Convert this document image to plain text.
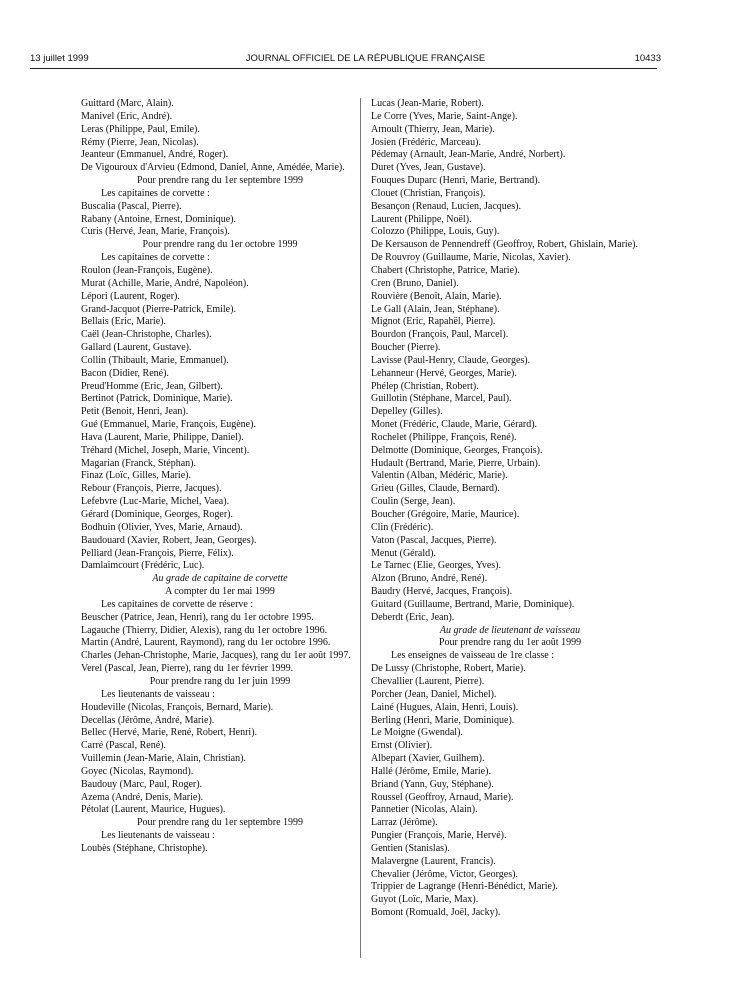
13 juillet 1999	JOURNAL OFFICIEL DE LA RÉPUBLIQUE FRANÇAISE	10433

Guittard (Marc, Alain).

Manivel (Eric, André).

Leras (Philippe, Paul, Emile).

Rémy (Pierre, Jean, Nicolas).

Jeanteur (Emmanuel, André, Roger).

De Vigouroux d'Arvieu (Edmond, Daniel, Anne, Amédée, Marie).

Pour prendre rang du 1er septembre 1999

Les capitaines de corvette :

Buscalia (Pascal, Pierre).

Rabany (Antoine, Ernest, Dominique).

Curis (Hervé, Jean, Marie, François).

Pour prendre rang du 1er octobre 1999

Les capitaines de corvette :

Roulon (Jean-François, Eugène).

Murat (Achille, Marie, André, Napoléon).

Lépori (Laurent, Roger).

Grand-Jacquot (Pierre-Patrick, Emile).

Bellais (Eric, Marie).

Caël (Jean-Christophe, Charles).

Gallard (Laurent, Gustave).

Collin (Thibault, Marie, Emmanuel).

Bacon (Didier, René).

Preud'Homme (Eric, Jean, Gilbert).

Bertinot (Patrick, Dominique, Marie).

Petit (Benoit, Henri, Jean).

Gué (Emmanuel, Marie, François, Eugène).

Hava (Laurent, Marie, Philippe, Daniel).

Tréhard (Michel, Joseph, Marie, Vincent).

Magarian (Franck, Stéphan).

Finaz (Loïc, Gilles, Marie).

Rebour (François, Pierre, Jacques).

Lefebvre (Luc-Marie, Michel, Vaea).

Gérard (Dominique, Georges, Roger).

Bodhuin (Olivier, Yves, Marie, Arnaud).

Baudouard (Xavier, Robert, Jean, Georges).

Pelliard (Jean-François, Pierre, Félix).

Damlaimcourt (Frédéric, Luc).

Au grade de capitaine de corvette

A compter du 1er mai 1999

Les capitaines de corvette de réserve :

Beuscher (Patrice, Jean, Henri), rang du 1er octobre 1995.

Lagauche (Thierry, Didier, Alexis), rang du 1er octobre 1996.

Martin (André, Laurent, Raymond), rang du 1er octobre 1996.

Charles (Jehan-Christophe, Marie, Jacques), rang du 1er août 1997.

Verel (Pascal, Jean, Pierre), rang du 1er février 1999.

Pour prendre rang du 1er juin 1999

Les lieutenants de vaisseau :

Houdeville (Nicolas, François, Bernard, Marie).

Decellas (Jérôme, André, Marie).

Bellec (Hervé, Marie, René, Robert, Henri).

Carré (Pascal, René).

Vuillemin (Jean-Marie, Alain, Christian).

Goyec (Nicolas, Raymond).

Baudouy (Marc, Paul, Roger).

Azema (André, Denis, Marie).

Pétolat (Laurent, Maurice, Hugues).

Pour prendre rang du 1er septembre 1999

Les lieutenants de vaisseau :

Loubès (Stéphane, Christophe).

Lucas (Jean-Marie, Robert).

Le Corre (Yves, Marie, Saint-Ange).

Arnoult (Thierry, Jean, Marie).

Josien (Frédéric, Marceau).

Pédemay (Arnault, Jean-Marie, André, Norbert).

Duret (Yves, Jean, Gustave).

Fouques Duparc (Henri, Marie, Bertrand).

Clouet (Christian, François).

Besançon (Renaud, Lucien, Jacques).

Laurent (Philippe, Noël).

Colozzo (Philippe, Louis, Guy).

De Kersauson de Pennendreff (Geoffroy, Robert, Ghislain, Marie).

De Rouvroy (Guillaume, Marie, Nicolas, Xavier).

Chabert (Christophe, Patrice, Marie).

Cren (Bruno, Daniel).

Rouvière (Benoît, Alain, Marie).

Le Gall (Alain, Jean, Stéphane).

Mignot (Eric, Rapahël, Pierre).

Bourdon (François, Paul, Marcel).

Boucher (Pierre).

Lavisse (Paul-Henry, Claude, Georges).

Lehanneur (Hervé, Georges, Marie).

Phélep (Christian, Robert).

Guillotin (Stéphane, Marcel, Paul).

Depelley (Gilles).

Monet (Frédéric, Claude, Marie, Gérard).

Rochelet (Philippe, François, René).

Delmotte (Dominique, Georges, François).

Hudault (Bertrand, Marie, Pierre, Urbain).

Valentin (Alban, Médéric, Marie).

Grieu (Gilles, Claude, Bernard).

Coulin (Serge, Jean).

Boucher (Grégoire, Marie, Maurice).

Clin (Frédéric).

Vaton (Pascal, Jacques, Pierre).

Menut (Gérald).

Le Tarnec (Elie, Georges, Yves).

Alzon (Bruno, André, René).

Baudry (Hervé, Jacques, François).

Guitard (Guillaume, Bertrand, Marie, Dominique).

Deberdt (Eric, Jean).

Au grade de lieutenant de vaisseau

Pour prendre rang du 1er août 1999

Les enseignes de vaisseau de 1re classe :

De Lussy (Christophe, Robert, Marie).

Chevallier (Laurent, Pierre).

Porcher (Jean, Daniel, Michel).

Lainé (Hugues, Alain, Henri, Louis).

Berling (Henri, Marie, Dominique).

Le Moigne (Gwendal).

Ernst (Olivier).

Albepart (Xavier, Guilhem).

Hallé (Jérôme, Emile, Marie).

Briand (Yann, Guy, Stéphane).

Roussel (Geoffroy, Arnaud, Marie).

Pannetier (Nicolas, Alain).

Larraz (Jérôme).

Pungier (François, Marie, Hervé).

Gentien (Stanislas).

Malavergne (Laurent, Francis).

Chevalier (Jérôme, Victor, Georges).

Trippier de Lagrange (Henri-Bénédict, Marie).

Guyot (Loïc, Marie, Max).

Bomont (Romuald, Joël, Jacky).
